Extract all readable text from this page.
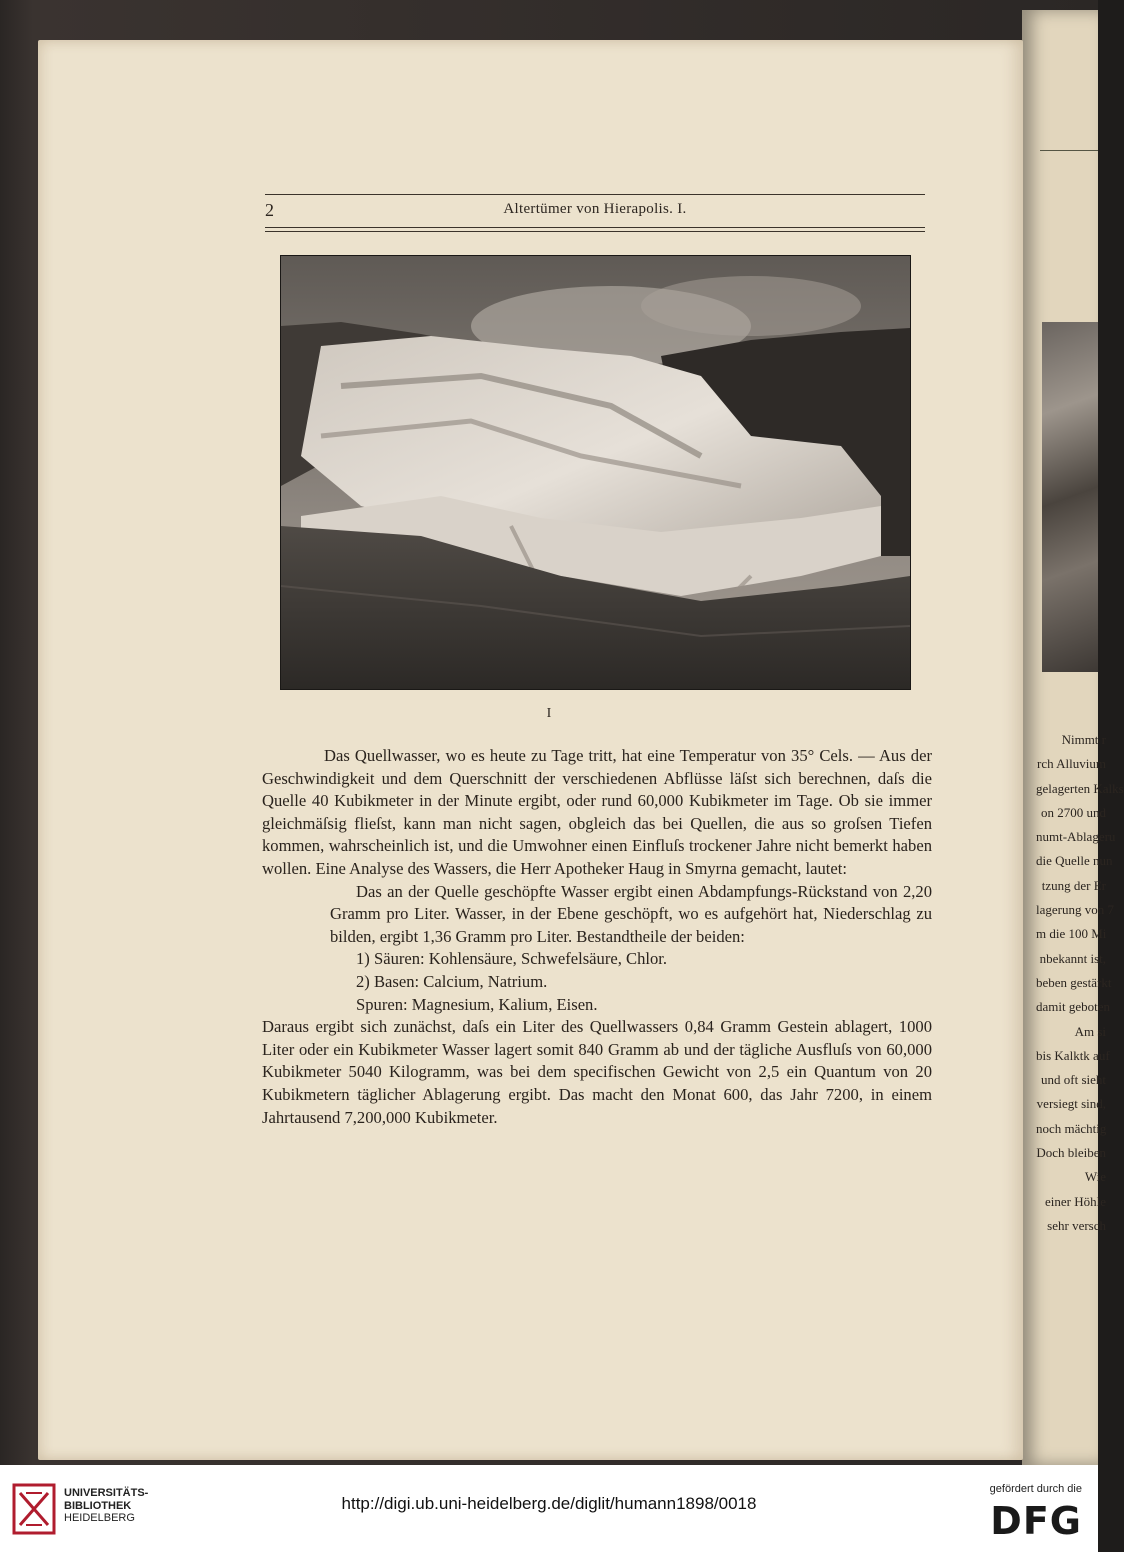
Nimmt r
rch Alluvium
gelagerten Kalks
on 2700 und
numt-Ablageru
die Quelle nun
tzung der Er
lagerung von 7
m die 100 Mi
nbekannt ist,
beben gestärkt
damit geboten
Am si
bis Kalktk auf
und oft sieht
versiegt sind,
noch mächtig
Doch bleiben
Wie
einer Höhle
sehr versch
2	Altertümer von Hierapolis. I.
I

Das Quellwasser, wo es heute zu Tage tritt, hat eine Temperatur von 35° Cels. — Aus der Geschwindigkeit und dem Querschnitt der verschiedenen Abflüsse läſst sich berechnen, daſs die Quelle 40 Kubikmeter in der Minute ergibt, oder rund 60,000 Kubikmeter im Tage. Ob sie immer gleichmäſsig flieſst, kann man nicht sagen, obgleich das bei Quellen, die aus so groſsen Tiefen kommen, wahrscheinlich ist, und die Umwohner einen Einfluſs trockener Jahre nicht bemerkt haben wollen. Eine Analyse des Wassers, die Herr Apotheker Haug in Smyrna gemacht, lautet:

Das an der Quelle geschöpfte Wasser ergibt einen Abdampfungs-Rückstand von 2,20 Gramm pro Liter. Wasser, in der Ebene geschöpft, wo es aufgehört hat, Niederschlag zu bilden, ergibt 1,36 Gramm pro Liter. Bestandtheile der beiden:

1) Säuren: Kohlensäure, Schwefelsäure, Chlor.

2) Basen: Calcium, Natrium.

Spuren: Magnesium, Kalium, Eisen.

Daraus ergibt sich zunächst, daſs ein Liter des Quellwassers 0,84 Gramm Gestein ablagert, 1000 Liter oder ein Kubikmeter Wasser lagert somit 840 Gramm ab und der tägliche Ausfluſs von 60,000 Kubikmeter 5040 Kilogramm, was bei dem specifischen Gewicht von 2,5 ein Quantum von 20 Kubikmetern täglicher Ablagerung ergibt. Das macht den Monat 600, das Jahr 7200, in einem Jahrtausend 7,200,000 Kubikmeter.

UNIVERSITÄTS-
BIBLIOTHEK
HEIDELBERG
http://digi.ub.uni-heidelberg.de/diglit/humann1898/0018
gefördert durch die
DFG
